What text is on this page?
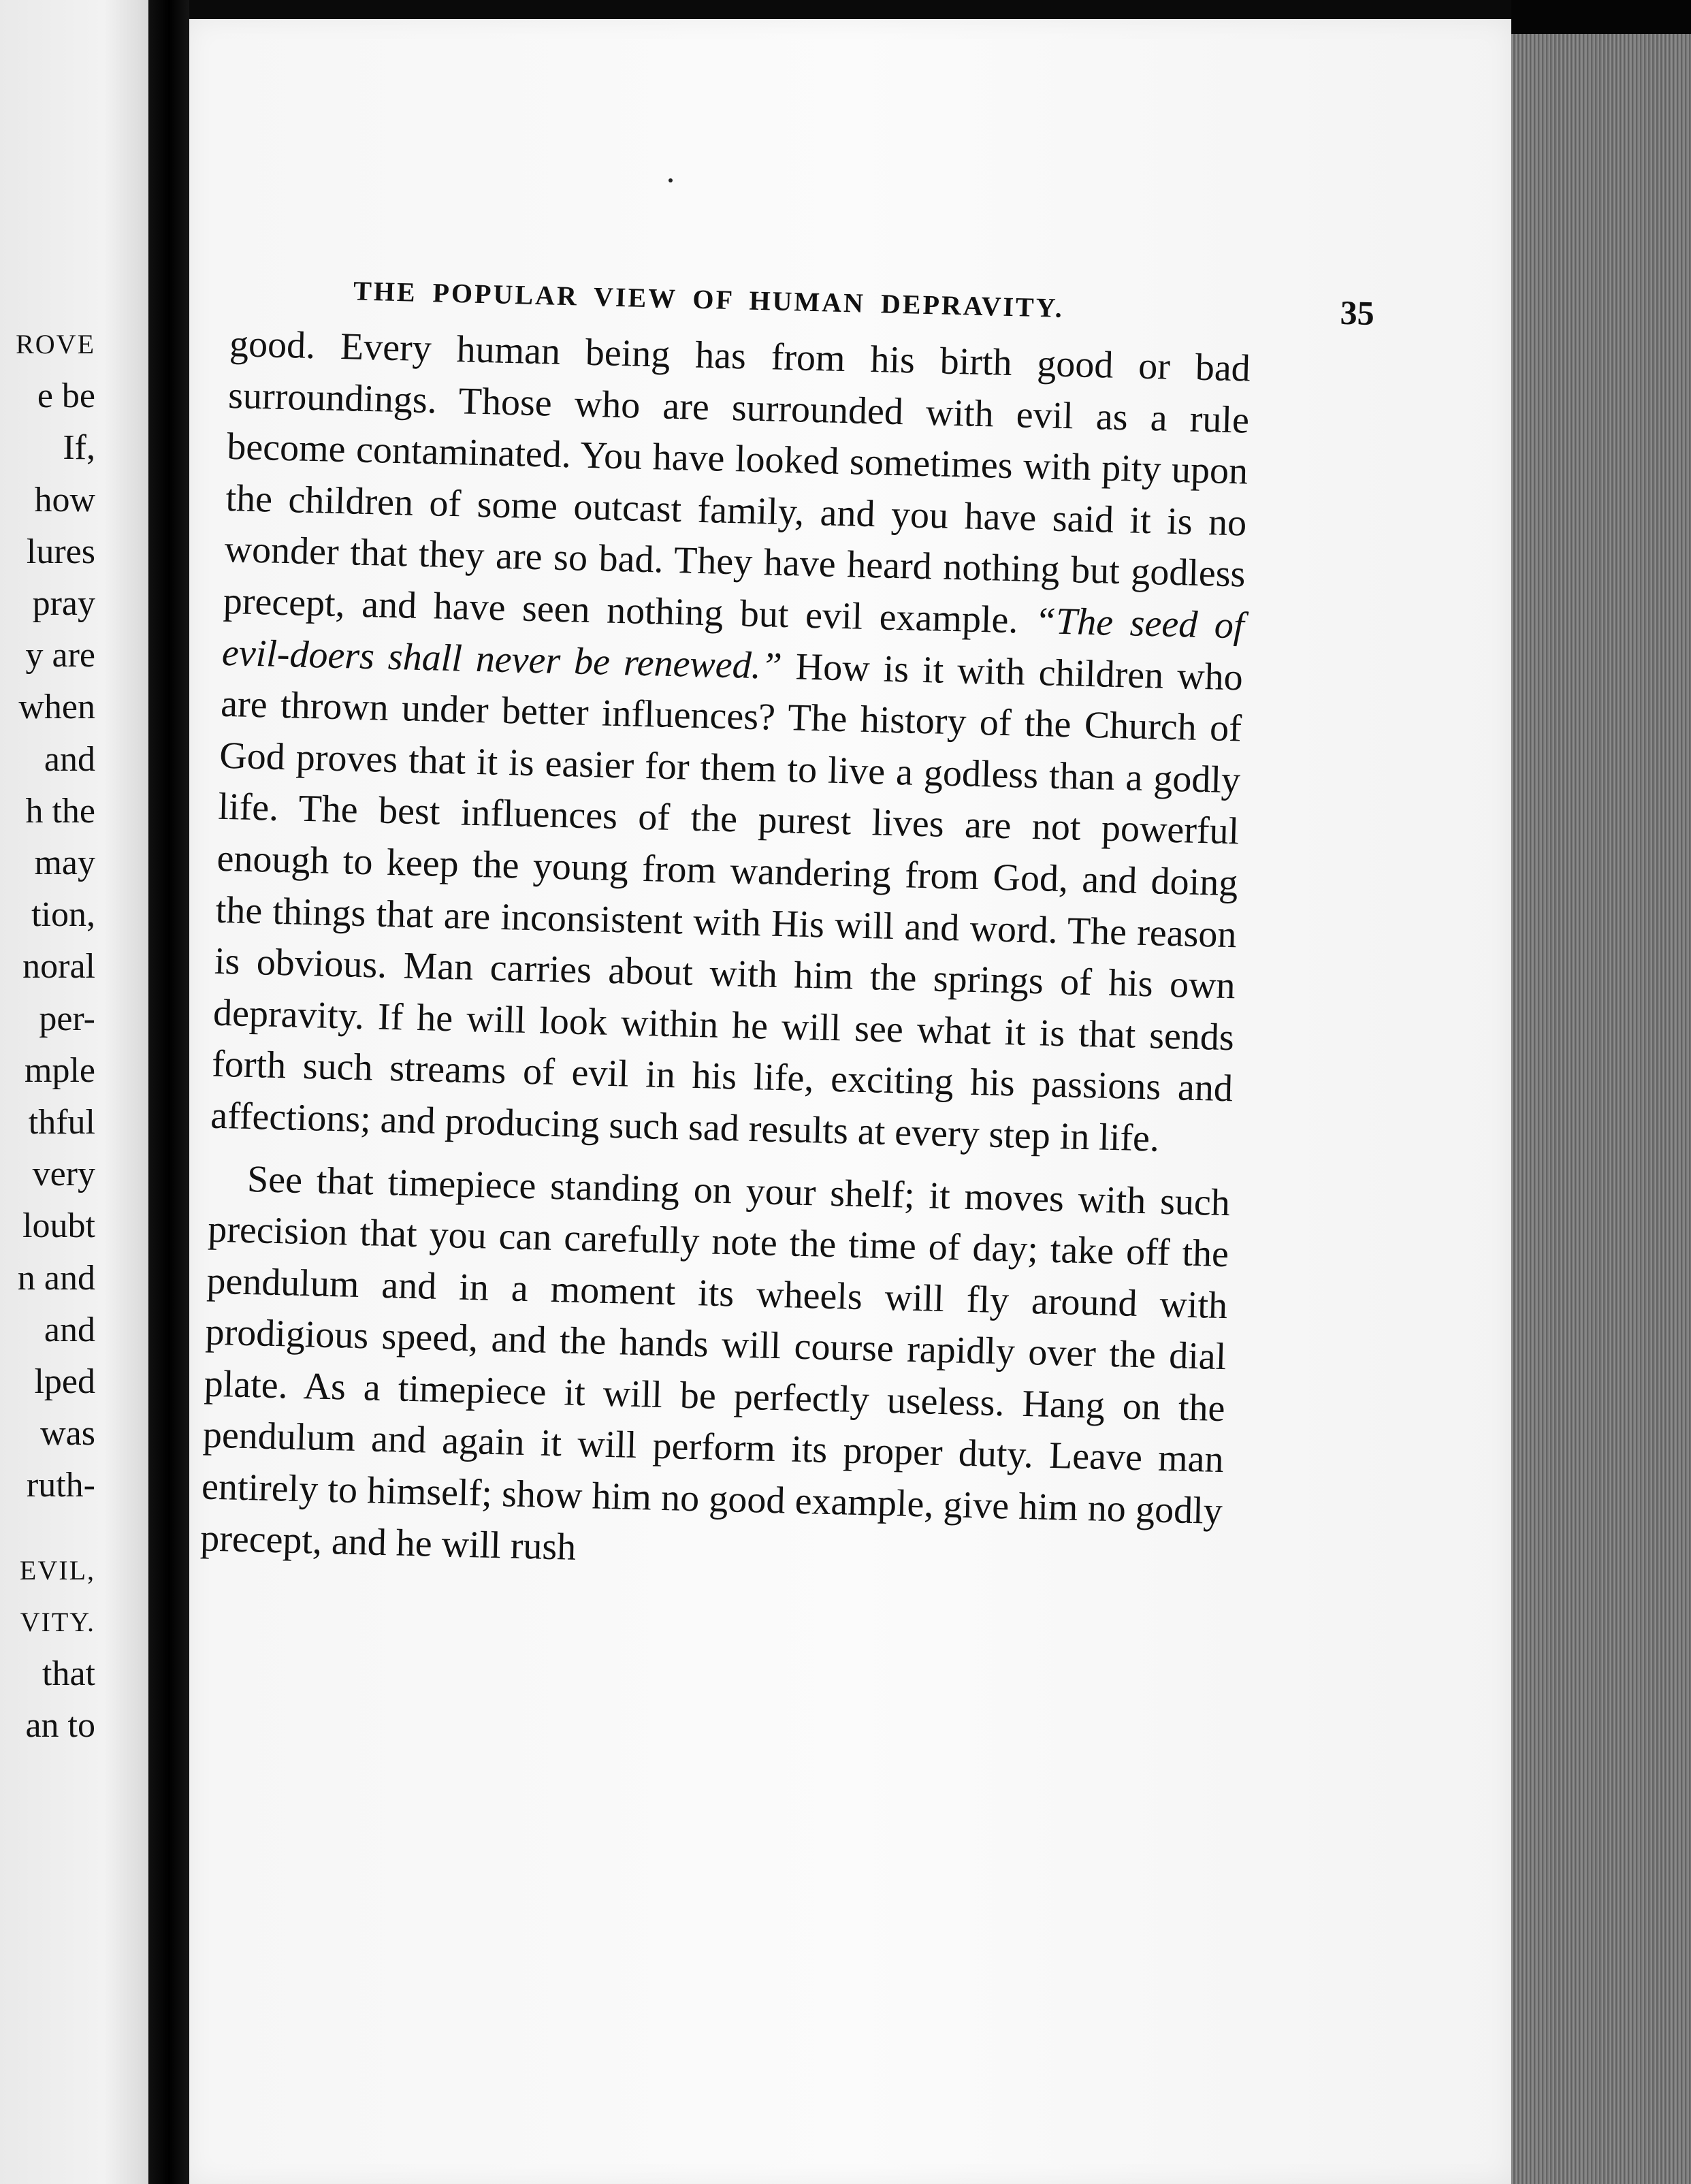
ROVE
e be
If,
how
lures
pray
y are
when
and
h the
may
tion,
noral
per-
mple
thful
very
loubt
n and
and
lped
was
ruth-
EVIL,
VITY.
that
an to
THE POPULAR VIEW OF HUMAN DEPRAVITY.	35

good. Every human being has from his birth good or bad surroundings. Those who are surrounded with evil as a rule become contaminated. You have looked sometimes with pity upon the children of some outcast family, and you have said it is no wonder that they are so bad. They have heard nothing but godless precept, and have seen nothing but evil example. “The seed of evil-doers shall never be renewed.” How is it with children who are thrown under better influences? The history of the Church of God proves that it is easier for them to live a godless than a godly life. The best influences of the purest lives are not powerful enough to keep the young from wandering from God, and doing the things that are inconsistent with His will and word. The reason is obvious. Man carries about with him the springs of his own depravity. If he will look within he will see what it is that sends forth such streams of evil in his life, exciting his passions and affections; and producing such sad results at every step in life.

See that timepiece standing on your shelf; it moves with such precision that you can carefully note the time of day; take off the pendulum and in a moment its wheels will fly around with prodigious speed, and the hands will course rapidly over the dial plate. As a timepiece it will be perfectly useless. Hang on the pendulum and again it will perform its proper duty. Leave man entirely to himself; show him no good example, give him no godly precept, and he will rush
